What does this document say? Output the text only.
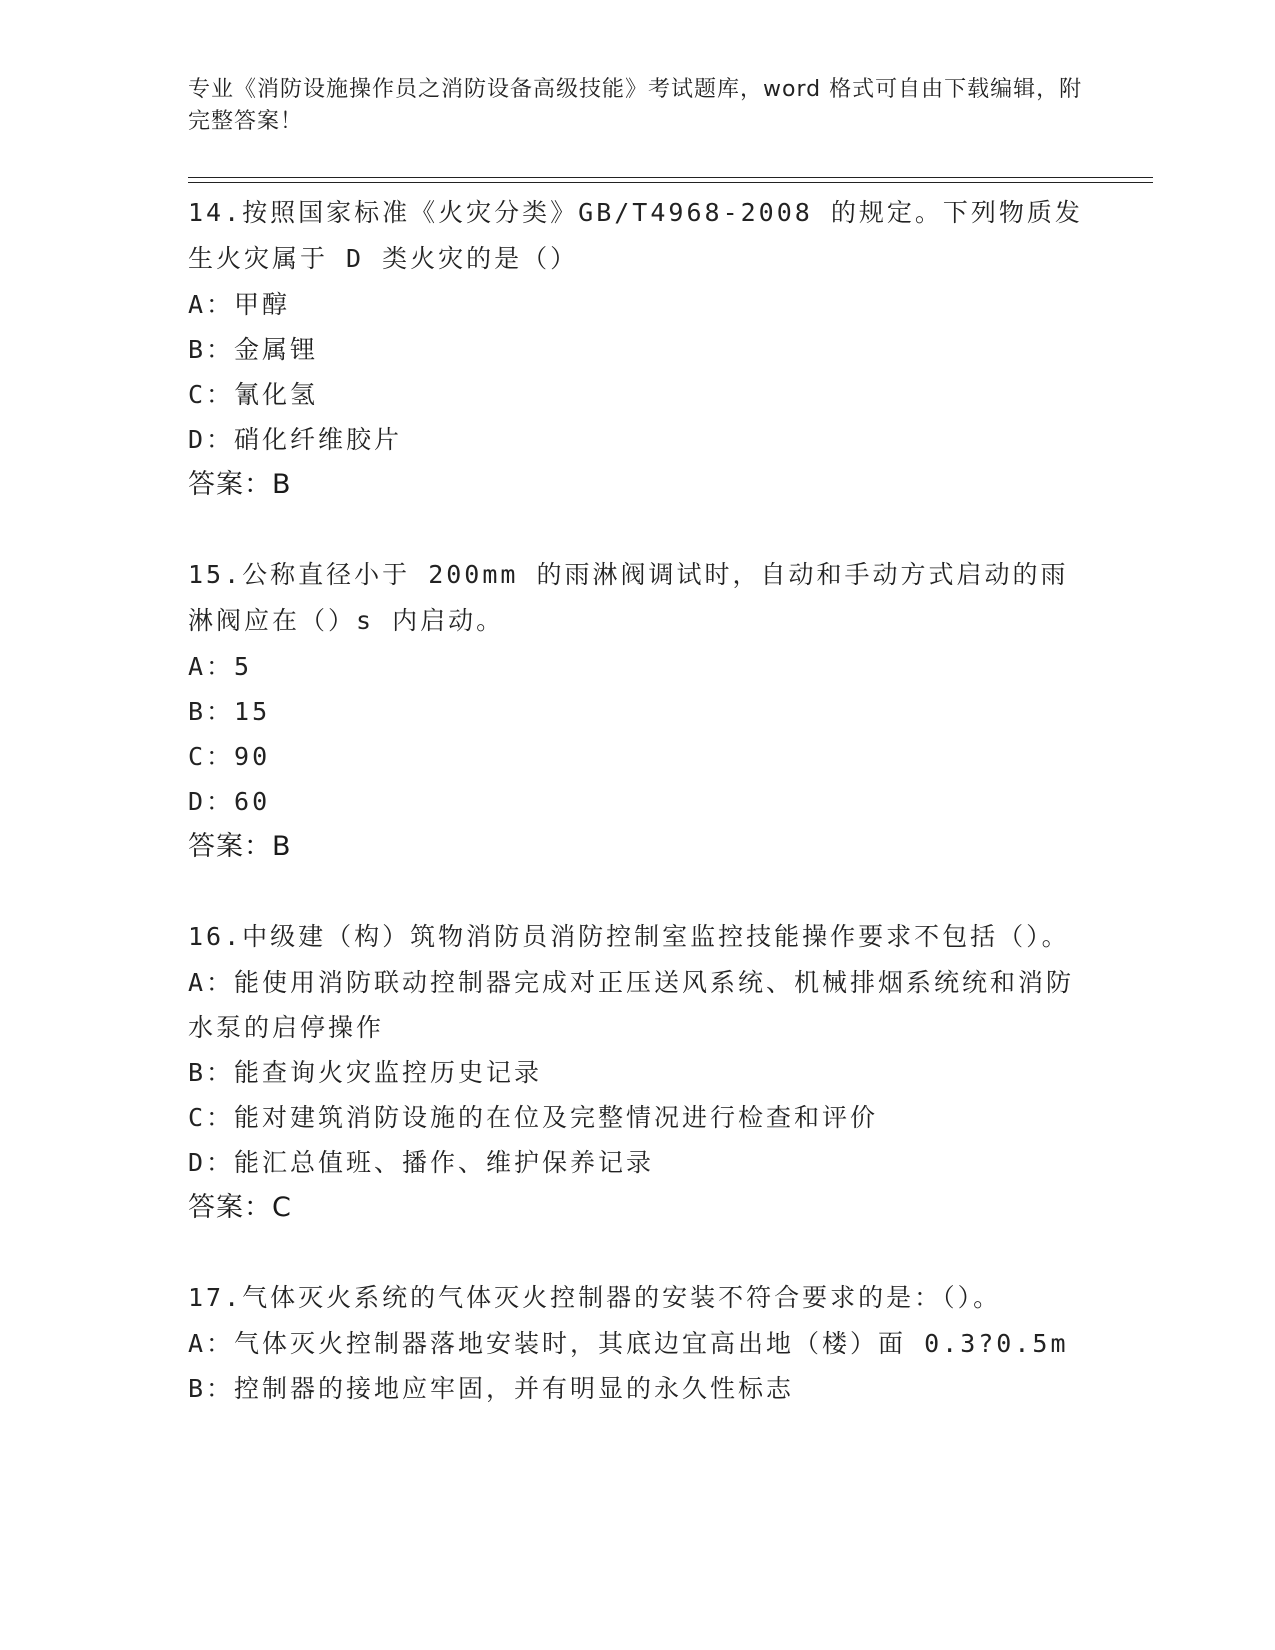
专业《消防设施操作员之消防设备高级技能》考试题库，word 格式可自由下载编辑，附完整答案！
14.按照国家标准《火灾分类》GB/T4968-2008 的规定。下列物质发生火灾属于 D 类火灾的是（）
A：甲醇
B：金属锂
C：氰化氢
D：硝化纤维胶片
答案：B
15.公称直径小于 200mm 的雨淋阀调试时，自动和手动方式启动的雨淋阀应在（）s 内启动。
A：5
B：15
C：90
D：60
答案：B
16.中级建（构）筑物消防员消防控制室监控技能操作要求不包括（）。
A：能使用消防联动控制器完成对正压送风系统、机械排烟系统统和消防水泵的启停操作
B：能查询火灾监控历史记录
C：能对建筑消防设施的在位及完整情况进行检查和评价
D：能汇总值班、播作、维护保养记录
答案：C
17.气体灭火系统的气体灭火控制器的安装不符合要求的是：（）。
A：气体灭火控制器落地安装时，其底边宜高出地（楼）面 0.3?0.5m
B：控制器的接地应牢固，并有明显的永久性标志
